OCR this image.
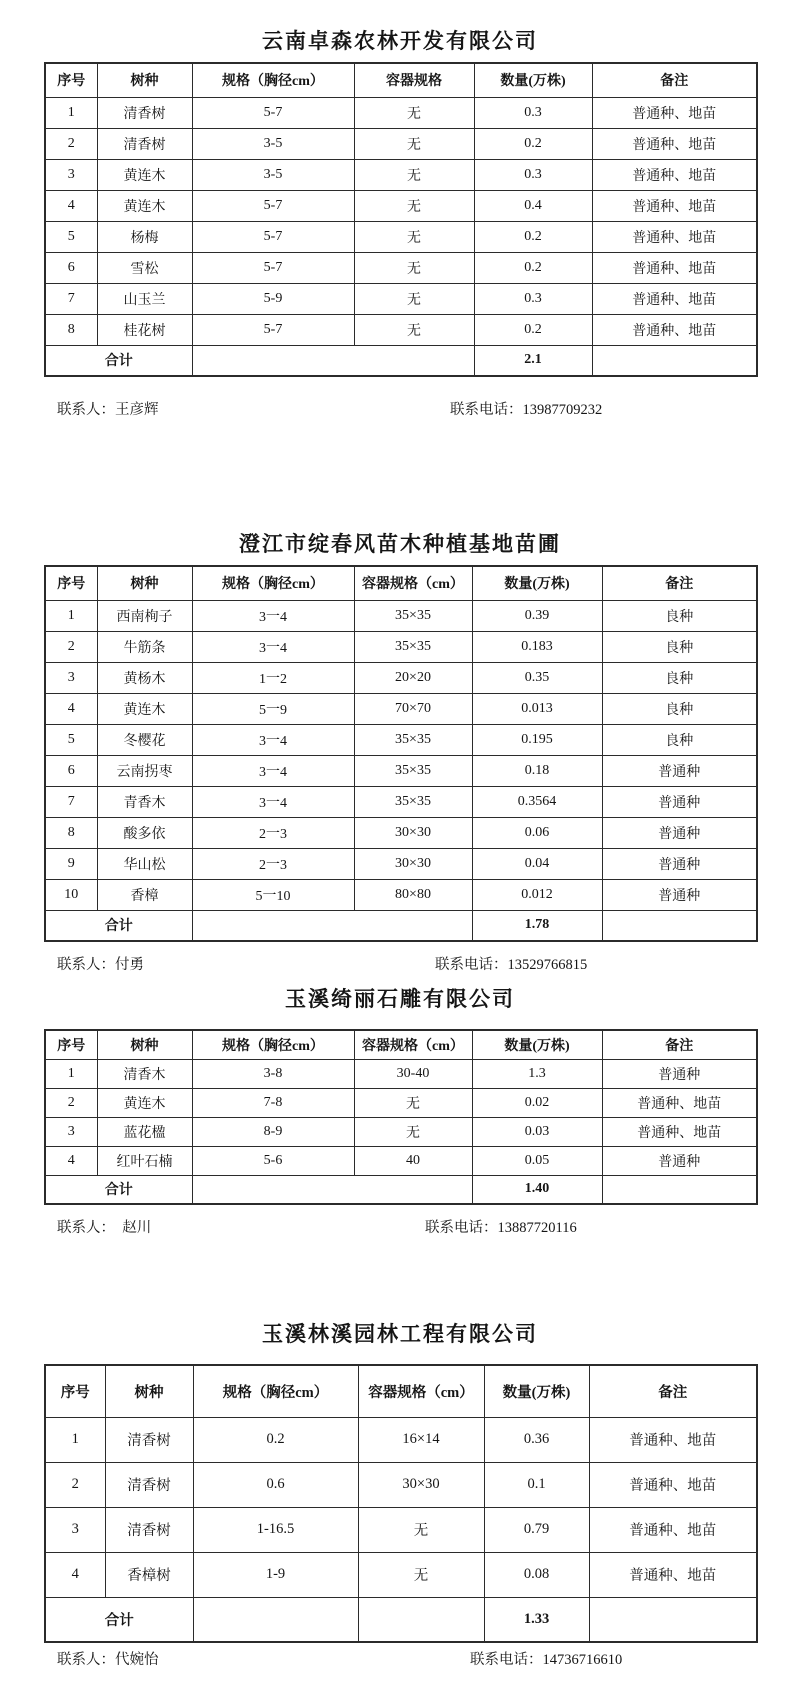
云南卓森农林开发有限公司
序号	树种	规格（胸径cm）	容器规格	数量(万株)	备注
1	清香树	5-7	无	0.3	普通种、地苗
2	清香树	3-5	无	0.2	普通种、地苗
3	黄连木	3-5	无	0.3	普通种、地苗
4	黄连木	5-7	无	0.4	普通种、地苗
5	杨梅	5-7	无	0.2	普通种、地苗
6	雪松	5-7	无	0.2	普通种、地苗
7	山玉兰	5-9	无	0.3	普通种、地苗
8	桂花树	5-7	无	0.2	普通种、地苗
合计				2.1	
联系人：王彦辉	联系电话：13987709232
澄江市绽春风苗木种植基地苗圃
序号	树种	规格（胸径cm）	容器规格（cm）	数量(万株)	备注
1	西南栒子	3一4	35×35	0.39	良种
2	牛筋条	3一4	35×35	0.183	良种
3	黄杨木	1一2	20×20	0.35	良种
4	黄连木	5一9	70×70	0.013	良种
5	冬樱花	3一4	35×35	0.195	良种
6	云南拐枣	3一4	35×35	0.18	普通种
7	青香木	3一4	35×35	0.3564	普通种
8	酸多依	2一3	30×30	0.06	普通种
9	华山松	2一3	30×30	0.04	普通种
10	香樟	5一10	80×80	0.012	普通种
合计				1.78	
联系人：付勇	联系电话：13529766815
玉溪绮丽石雕有限公司
序号	树种	规格（胸径cm）	容器规格（cm）	数量(万株)	备注
1	清香木	3-8	30-40	1.3	普通种
2	黄连木	7-8	无	0.02	普通种、地苗
3	蓝花楹	8-9	无	0.03	普通种、地苗
4	红叶石楠	5-6	40	0.05	普通种
合计				1.40	
联系人：  赵川	联系电话：13887720116
玉溪林溪园林工程有限公司
序号	树种	规格（胸径cm）	容器规格（cm）	数量(万株)	备注
1	清香树	0.2	16×14	0.36	普通种、地苗
2	清香树	0.6	30×30	0.1	普通种、地苗
3	清香树	1-16.5	无	0.79	普通种、地苗
4	香樟树	1-9	无	0.08	普通种、地苗
合计				1.33	
联系人：代婉怡	联系电话：14736716610
